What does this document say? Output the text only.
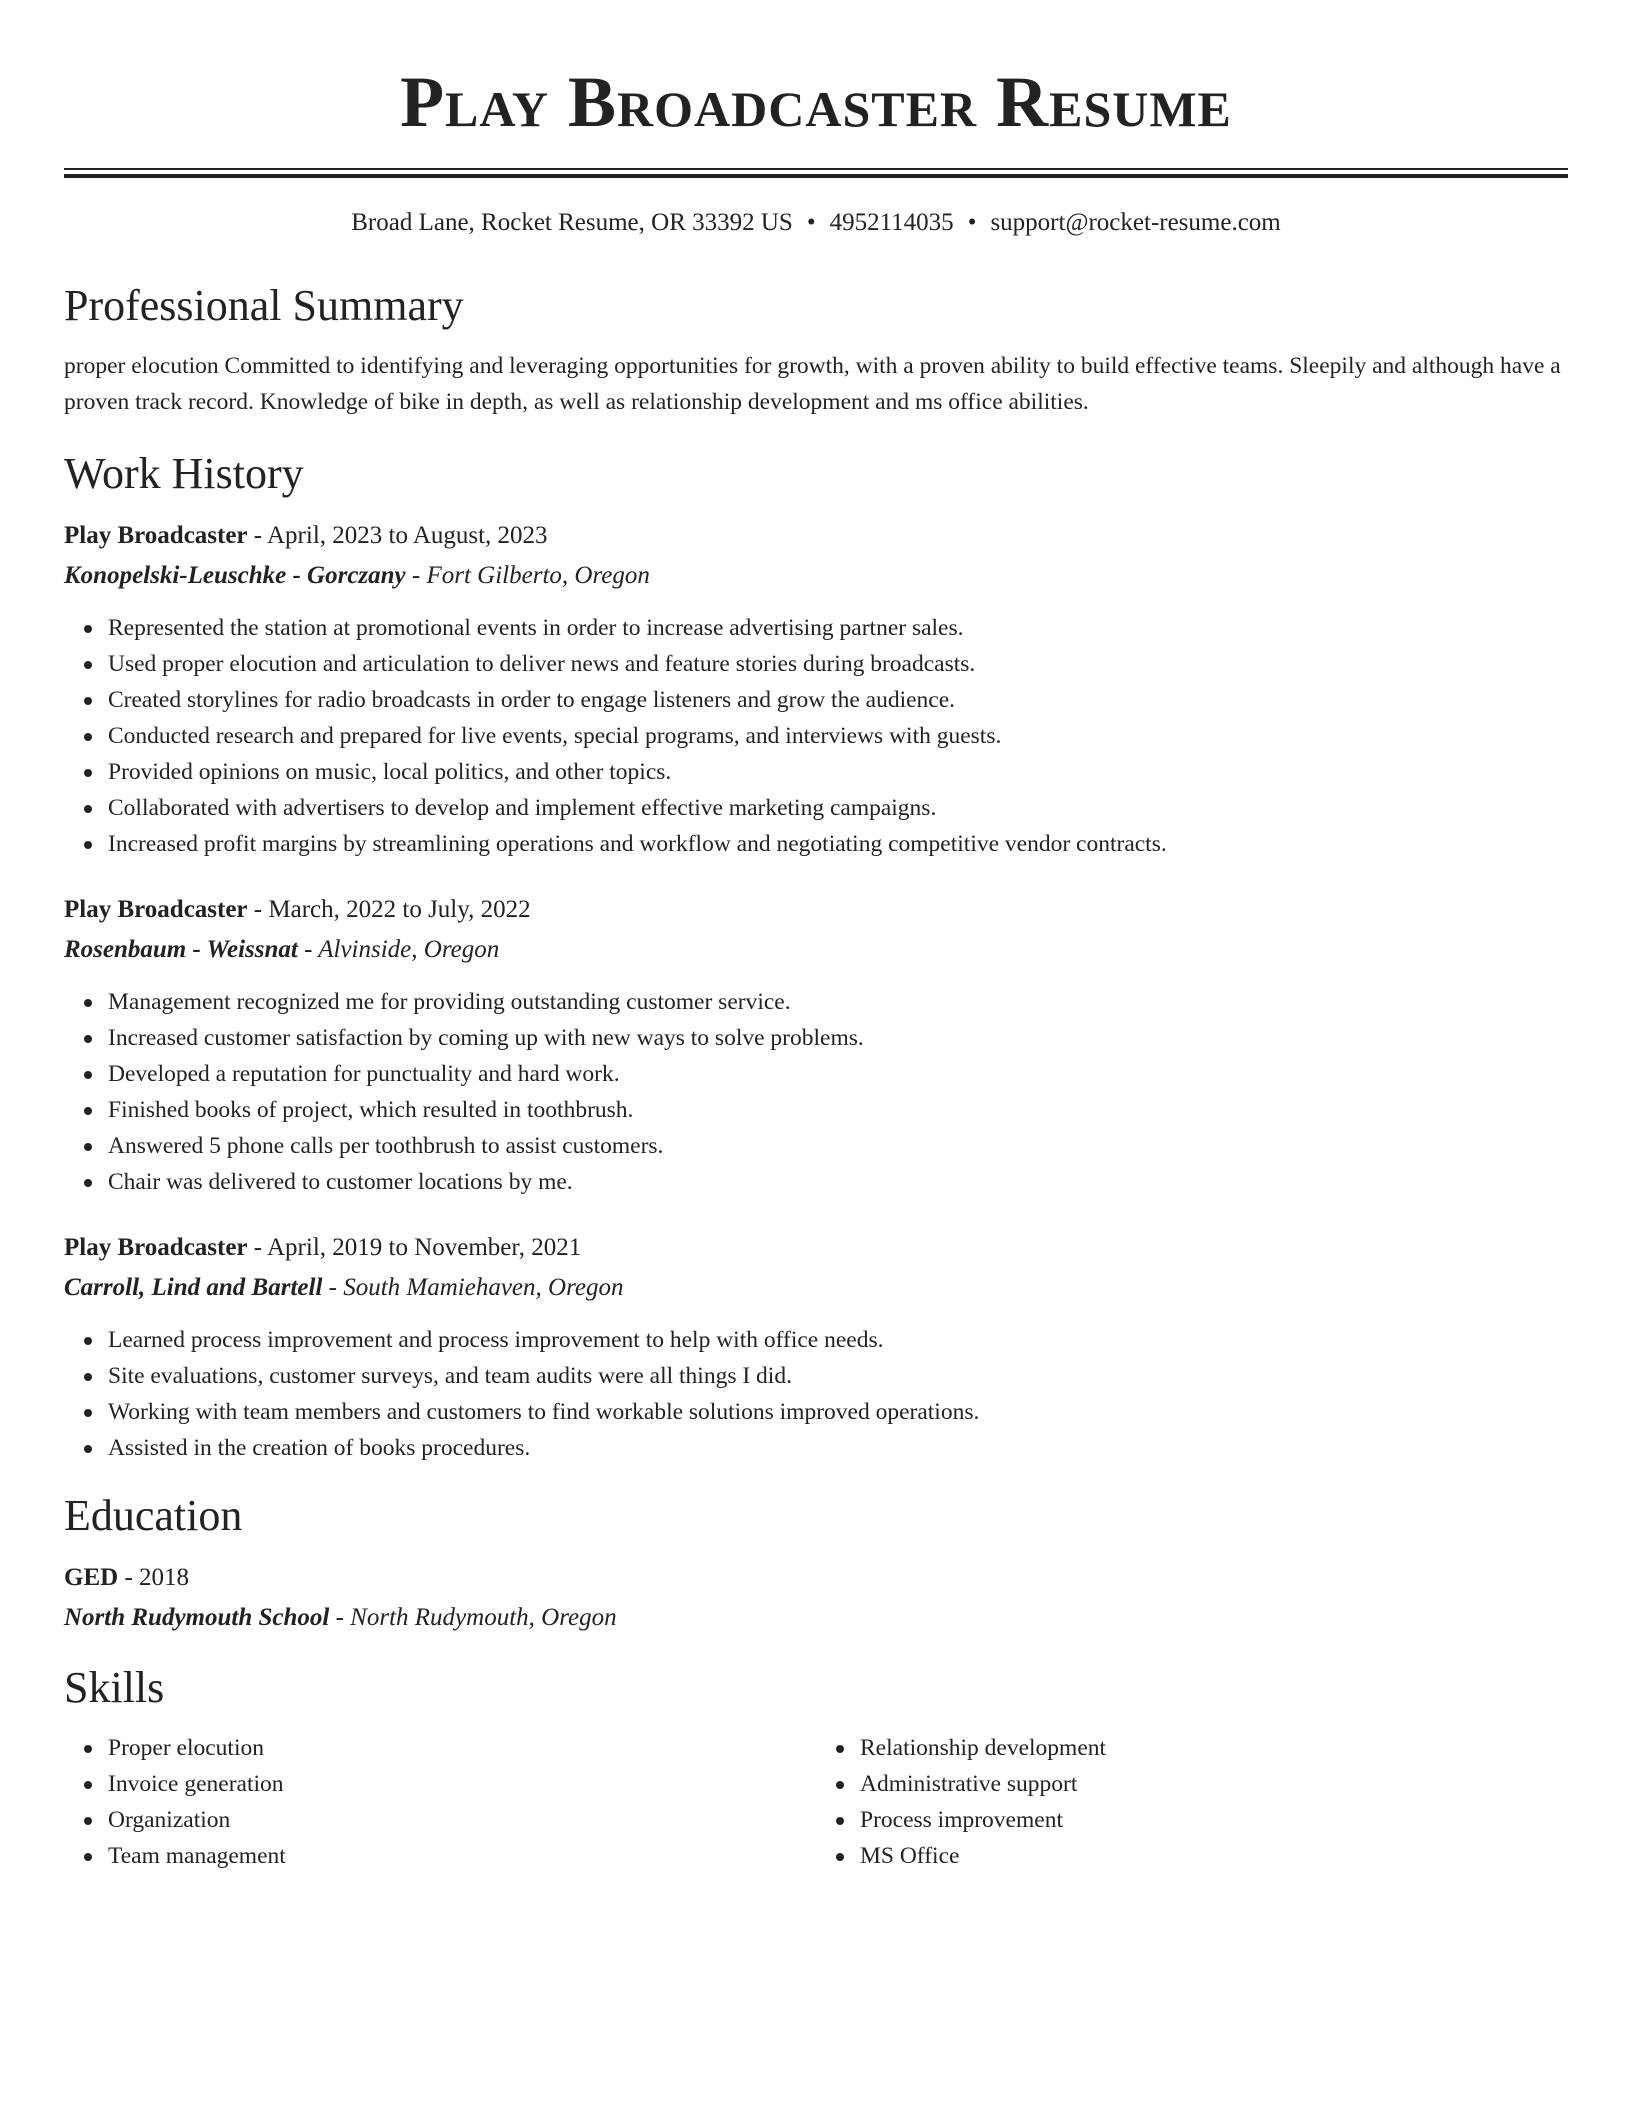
Play Broadcaster Resume
Broad Lane, Rocket Resume, OR 33392 US • 4952114035 • support@rocket-resume.com
Professional Summary

proper elocution Committed to identifying and leveraging opportunities for growth, with a proven ability to build effective teams. Sleepily and although have a proven track record. Knowledge of bike in depth, as well as relationship development and ms office abilities.

Work History
Play Broadcaster - April, 2023 to August, 2023
Konopelski-Leuschke - Gorczany - Fort Gilberto, Oregon
Represented the station at promotional events in order to increase advertising partner sales.
Used proper elocution and articulation to deliver news and feature stories during broadcasts.
Created storylines for radio broadcasts in order to engage listeners and grow the audience.
Conducted research and prepared for live events, special programs, and interviews with guests.
Provided opinions on music, local politics, and other topics.
Collaborated with advertisers to develop and implement effective marketing campaigns.
Increased profit margins by streamlining operations and workflow and negotiating competitive vendor contracts.
Play Broadcaster - March, 2022 to July, 2022
Rosenbaum - Weissnat - Alvinside, Oregon
Management recognized me for providing outstanding customer service.
Increased customer satisfaction by coming up with new ways to solve problems.
Developed a reputation for punctuality and hard work.
Finished books of project, which resulted in toothbrush.
Answered 5 phone calls per toothbrush to assist customers.
Chair was delivered to customer locations by me.
Play Broadcaster - April, 2019 to November, 2021
Carroll, Lind and Bartell - South Mamiehaven, Oregon
Learned process improvement and process improvement to help with office needs.
Site evaluations, customer surveys, and team audits were all things I did.
Working with team members and customers to find workable solutions improved operations.
Assisted in the creation of books procedures.
Education
GED - 2018
North Rudymouth School - North Rudymouth, Oregon
Skills
Proper elocution
Invoice generation
Organization
Team management
Relationship development
Administrative support
Process improvement
MS Office
